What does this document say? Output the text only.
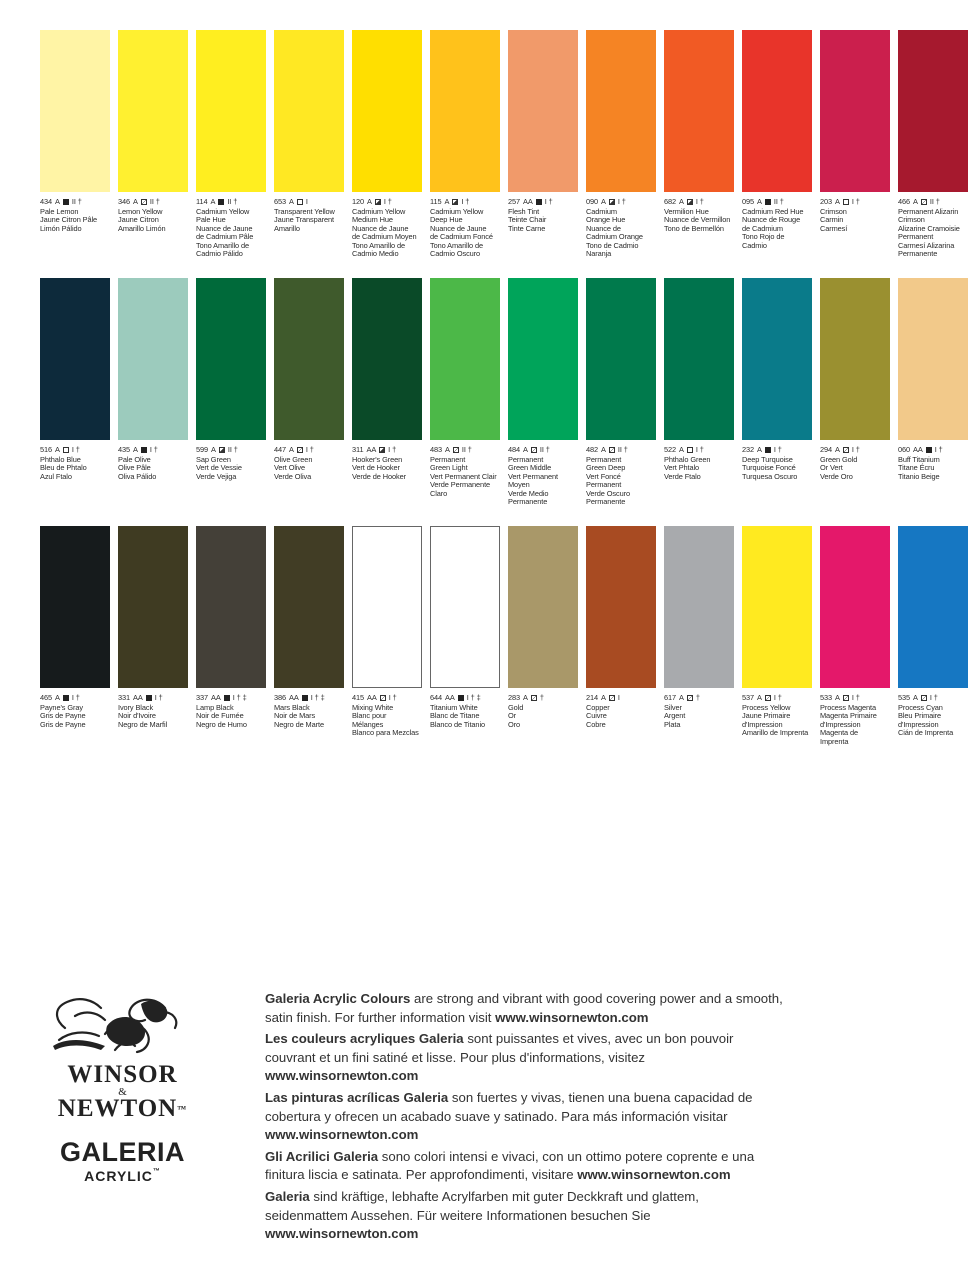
434 A II †
Pale Lemon
Jaune Citron Pâle
Limón Pálido
346 A II †
Lemon Yellow
Jaune Citron
Amarillo Limón
114 A II †
Cadmium Yellow
Pale Hue
Nuance de Jaune
de Cadmium Pâle
Tono Amarillo de
Cadmio Pálido
653 A I
Transparent Yellow
Jaune Transparent
Amarillo
120 A I †
Cadmium Yellow
Medium Hue
Nuance de Jaune
de Cadmium Moyen
Tono Amarillo de
Cadmio Medio
115 A I †
Cadmium Yellow
Deep Hue
Nuance de Jaune
de Cadmium Foncé
Tono Amarillo de
Cadmio Oscuro
257 AA I †
Flesh Tint
Teinte Chair
Tinte Carne
090 A I †
Cadmium
Orange Hue
Nuance de
Cadmium Orange
Tono de Cadmio
Naranja
682 A I †
Vermilion Hue
Nuance de Vermillon
Tono de Bermellón
095 A II †
Cadmium Red Hue
Nuance de Rouge
de Cadmium
Tono Rojo de
Cadmio
203 A I †
Crimson
Carmin
Carmesí
466 A II †
Permanent Alizarin
Crimson
Alizarine Cramoisie
Permanent
Carmesí Alizarina
Permanente
516 A I †
Phthalo Blue
Bleu de Phtalo
Azul Ftalo
435 A I †
Pale Olive
Olive Pâle
Oliva Pálido
599 A II †
Sap Green
Vert de Vessie
Verde Vejiga
447 A I †
Olive Green
Vert Olive
Verde Oliva
311 AA I †
Hooker's Green
Vert de Hooker
Verde de Hooker
483 A II †
Permanent
Green Light
Vert Permanent Clair
Verde Permanente
Claro
484 A II †
Permanent
Green Middle
Vert Permanent
Moyen
Verde Medio
Permanente
482 A II †
Permanent
Green Deep
Vert Foncé
Permanent
Verde Oscuro
Permanente
522 A I †
Phthalo Green
Vert Phtalo
Verde Ftalo
232 A I †
Deep Turquoise
Turquoise Foncé
Turquesa Oscuro
294 A I †
Green Gold
Or Vert
Verde Oro
060 AA I †
Buff Titanium
Titane Écru
Titanio Beige
465 A I †
Payne's Gray
Gris de Payne
Gris de Payne
331 AA I †
Ivory Black
Noir d'Ivoire
Negro de Marfil
337 AA I † ‡
Lamp Black
Noir de Fumée
Negro de Humo
386 AA I † ‡
Mars Black
Noir de Mars
Negro de Marte
415 AA I †
Mixing White
Blanc pour
Mélanges
Blanco para Mezclas
644 AA I † ‡
Titanium White
Blanc de Titane
Blanco de Titanio
283 A †
Gold
Or
Oro
214 A I
Copper
Cuivre
Cobre
617 A †
Silver
Argent
Plata
537 A I †
Process Yellow
Jaune Primaire
d'Impression
Amarillo de Imprenta
533 A I †
Process Magenta
Magenta Primaire
d'Impression
Magenta de
Imprenta
535 A I †
Process Cyan
Bleu Primaire
d'Impression
Cián de Imprenta
WINSOR
&
NEWTON™
GALERIA
ACRYLIC™

Galeria Acrylic Colours are strong and vibrant with good covering power and a smooth, satin finish. For further information visit www.winsornewton.com

Les couleurs acryliques Galeria sont puissantes et vives, avec un bon pouvoir couvrant et un fini satiné et lisse. Pour plus d'informations, visitez www.winsornewton.com

Las pinturas acrílicas Galeria son fuertes y vivas, tienen una buena capacidad de cobertura y ofrecen un acabado suave y satinado. Para más información visitar www.winsornewton.com

Gli Acrilici Galeria sono colori intensi e vivaci, con un ottimo potere coprente e una finitura liscia e satinata. Per approfondimenti, visitare www.winsornewton.com

Galeria sind kräftige, lebhafte Acrylfarben mit guter Deckkraft und glattem, seidenmattem Aussehen. Für weitere Informationen besuchen Sie www.winsornewton.com
